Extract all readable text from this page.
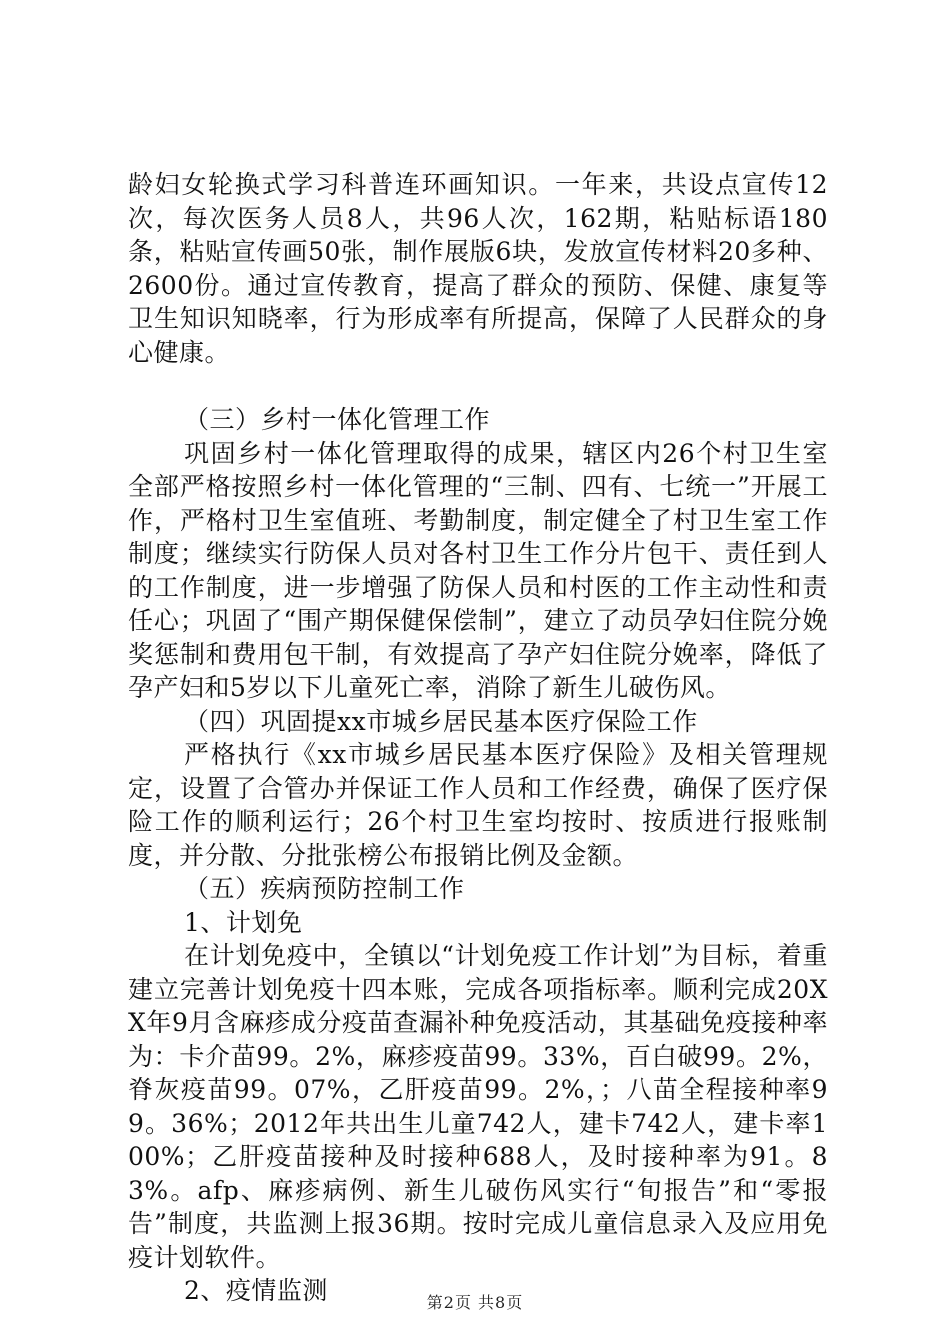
龄妇女轮换式学习科普连环画知识。一年来，共设点宣传12次，每次医务人员8人，共96人次，162期，粘贴标语180条，粘贴宣传画50张，制作展版6块，发放宣传材料20多种、2600份。通过宣传教育，提高了群众的预防、保健、康复等卫生知识知晓率，行为形成率有所提高，保障了人民群众的身心健康。

（三）乡村一体化管理工作

巩固乡村一体化管理取得的成果，辖区内26个村卫生室全部严格按照乡村一体化管理的“三制、四有、七统一”开展工作，严格村卫生室值班、考勤制度，制定健全了村卫生室工作制度；继续实行防保人员对各村卫生工作分片包干、责任到人的工作制度，进一步增强了防保人员和村医的工作主动性和责任心；巩固了“围产期保健保偿制”，建立了动员孕妇住院分娩奖惩制和费用包干制，有效提高了孕产妇住院分娩率，降低了孕产妇和5岁以下儿童死亡率，消除了新生儿破伤风。

（四）巩固提xx市城乡居民基本医疗保险工作

严格执行《xx市城乡居民基本医疗保险》及相关管理规定，设置了合管办并保证工作人员和工作经费，确保了医疗保险工作的顺利运行；26个村卫生室均按时、按质进行报账制度，并分散、分批张榜公布报销比例及金额。

（五）疾病预防控制工作

1、计划免

在计划免疫中，全镇以“计划免疫工作计划”为目标，着重建立完善计划免疫十四本账，完成各项指标率。顺利完成20XX年9月含麻疹成分疫苗查漏补种免疫活动，其基础免疫接种率为：卡介苗99。2%，麻疹疫苗99。33%，百白破99。2%，脊灰疫苗99。07%，乙肝疫苗99。2%，；八苗全程接种率99。36%；2012年共出生儿童742人，建卡742人，建卡率100%；乙肝疫苗接种及时接种688人，及时接种率为91。83%。afp、麻疹病例、新生儿破伤风实行“旬报告”和“零报告”制度，共监测上报36期。按时完成儿童信息录入及应用免疫计划软件。

2、疫情监测	第2页 共8页
